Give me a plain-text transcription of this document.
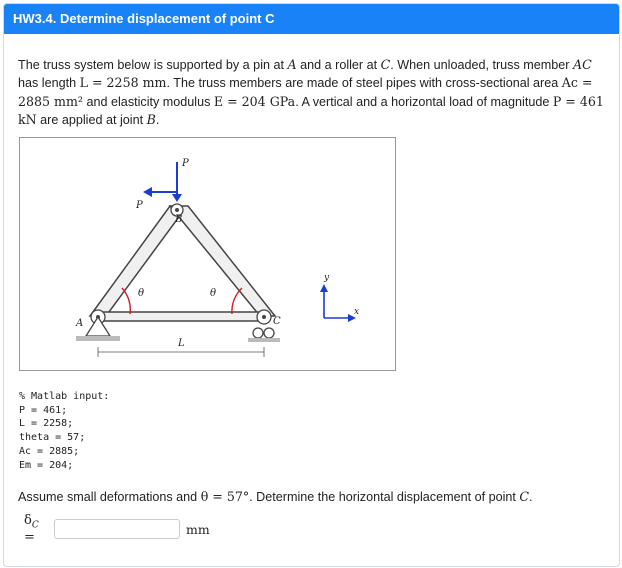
HW3.4. Determine displacement of point C
The truss system below is supported by a pin at A and a roller at C. When unloaded, truss member AC has length L = 2258 mm. The truss members are made of steel pipes with cross-sectional area Ac = 2885 mm² and elasticity modulus E = 204 GPa. A vertical and a horizontal load of magnitude P = 461 kN are applied at joint B.
P
P
B
A	C
θ	θ
L
x
y
% Matlab input:
P = 461;
L = 2258;
theta = 57;
Ac = 2885;
Em = 204;
Assume small deformations and θ = 57°. Determine the horizontal displacement of point C.
$\delta_C$ =
mm
